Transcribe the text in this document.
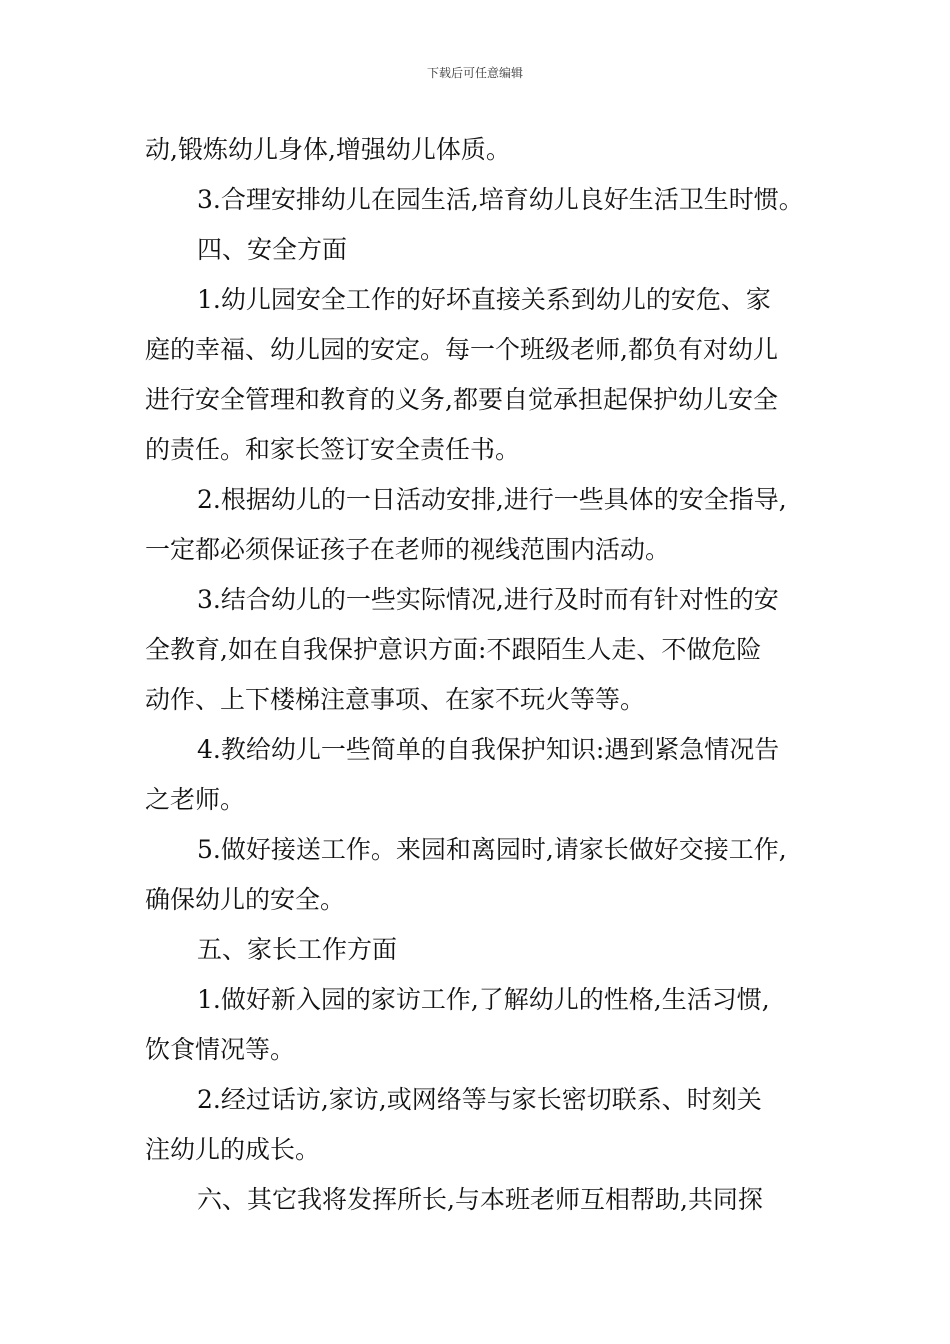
下载后可任意编辑
动,锻炼幼儿身体,增强幼儿体质。
3.合理安排幼儿在园生活,培育幼儿良好生活卫生时惯。
四、安全方面
1.幼儿园安全工作的好坏直接关系到幼儿的安危、家
庭的幸福、幼儿园的安定。每一个班级老师,都负有对幼儿
进行安全管理和教育的义务,都要自觉承担起保护幼儿安全
的责任。和家长签订安全责任书。
2.根据幼儿的一日活动安排,进行一些具体的安全指导,
一定都必须保证孩子在老师的视线范围内活动。
3.结合幼儿的一些实际情况,进行及时而有针对性的安
全教育,如在自我保护意识方面:不跟陌生人走、不做危险
动作、上下楼梯注意事项、在家不玩火等等。
4.教给幼儿一些简单的自我保护知识:遇到紧急情况告
之老师。
5.做好接送工作。来园和离园时,请家长做好交接工作,
确保幼儿的安全。
五、家长工作方面
1.做好新入园的家访工作,了解幼儿的性格,生活习惯,
饮食情况等。
2.经过话访,家访,或网络等与家长密切联系、时刻关
注幼儿的成长。
六、其它我将发挥所长,与本班老师互相帮助,共同探
